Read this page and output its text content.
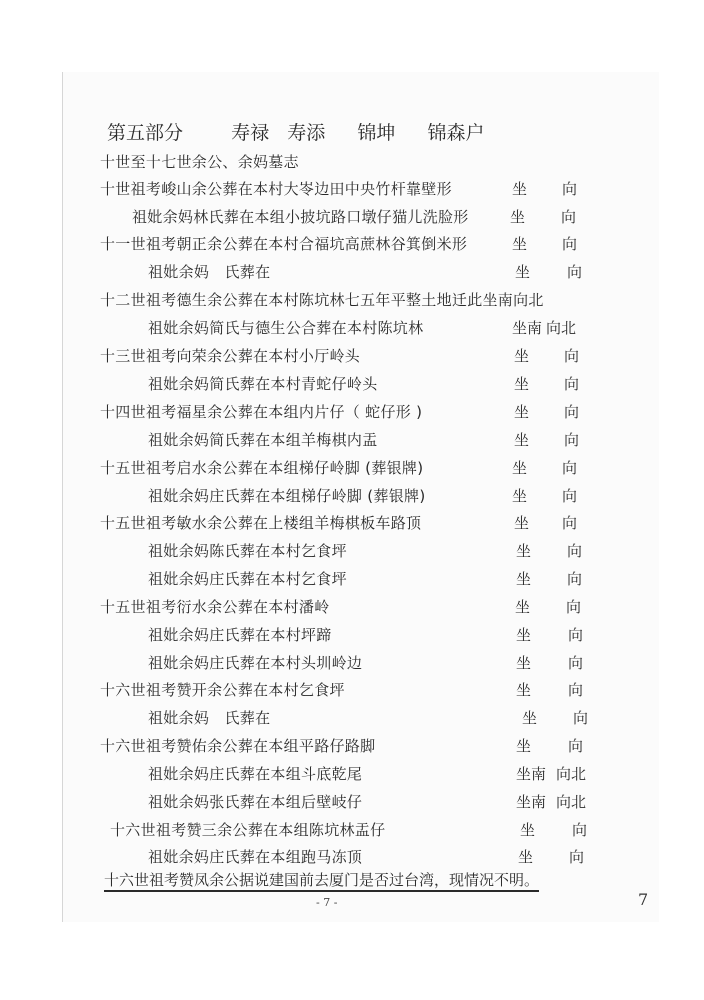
第五部分	寿禄 寿添 锦坤 锦森户
十世至十七世余公、余妈墓志
十世祖考峻山余公葬在本村大岺边田中央竹杆靠壁形	坐 向
祖妣余妈林氏葬在本组小披坑路口墩仔猫儿洗脸形	坐 向
十一世祖考朝正余公葬在本村合福坑高蔗林谷箕倒米形	坐 向
祖妣余妈　氏葬在	坐 向
十二世祖考德生余公葬在本村陈坑林七五年平整土地迁此坐南向北
祖妣余妈简氏与德生公合葬在本村陈坑林	坐南 向北
十三世祖考向荣余公葬在本村小厅岭头	坐 向
祖妣余妈简氏葬在本村青蛇仔岭头	坐 向
十四世祖考福星余公葬在本组内片仔（ 蛇仔形 )	坐 向
祖妣余妈简氏葬在本组羊梅棋内盂	坐 向
十五世祖考启水余公葬在本组梯仔岭脚 (葬银牌)	坐 向
祖妣余妈庄氏葬在本组梯仔岭脚 (葬银牌)	坐 向
十五世祖考敏水余公葬在上楼组羊梅棋板车路顶	坐 向
祖妣余妈陈氏葬在本村乞食坪	坐 向
祖妣余妈庄氏葬在本村乞食坪	坐 向
十五世祖考衍水余公葬在本村潘岭	坐 向
祖妣余妈庄氏葬在本村坪蹄	坐 向
祖妣余妈庄氏葬在本村头圳岭边	坐 向
十六世祖考赞开余公葬在本村乞食坪	坐 向
祖妣余妈　氏葬在	坐 向
十六世祖考赞佑余公葬在本组平路仔路脚	坐 向
祖妣余妈庄氏葬在本组斗底乾尾	坐南 向北
祖妣余妈张氏葬在本组后壁岐仔	坐南 向北
十六世祖考赞三余公葬在本组陈坑林盂仔	坐 向
祖妣余妈庄氏葬在本组跑马冻顶	坐 向
十六世祖考赞凤余公据说建国前去厦门是否过台湾，现情况不明。
- 7 -	7
